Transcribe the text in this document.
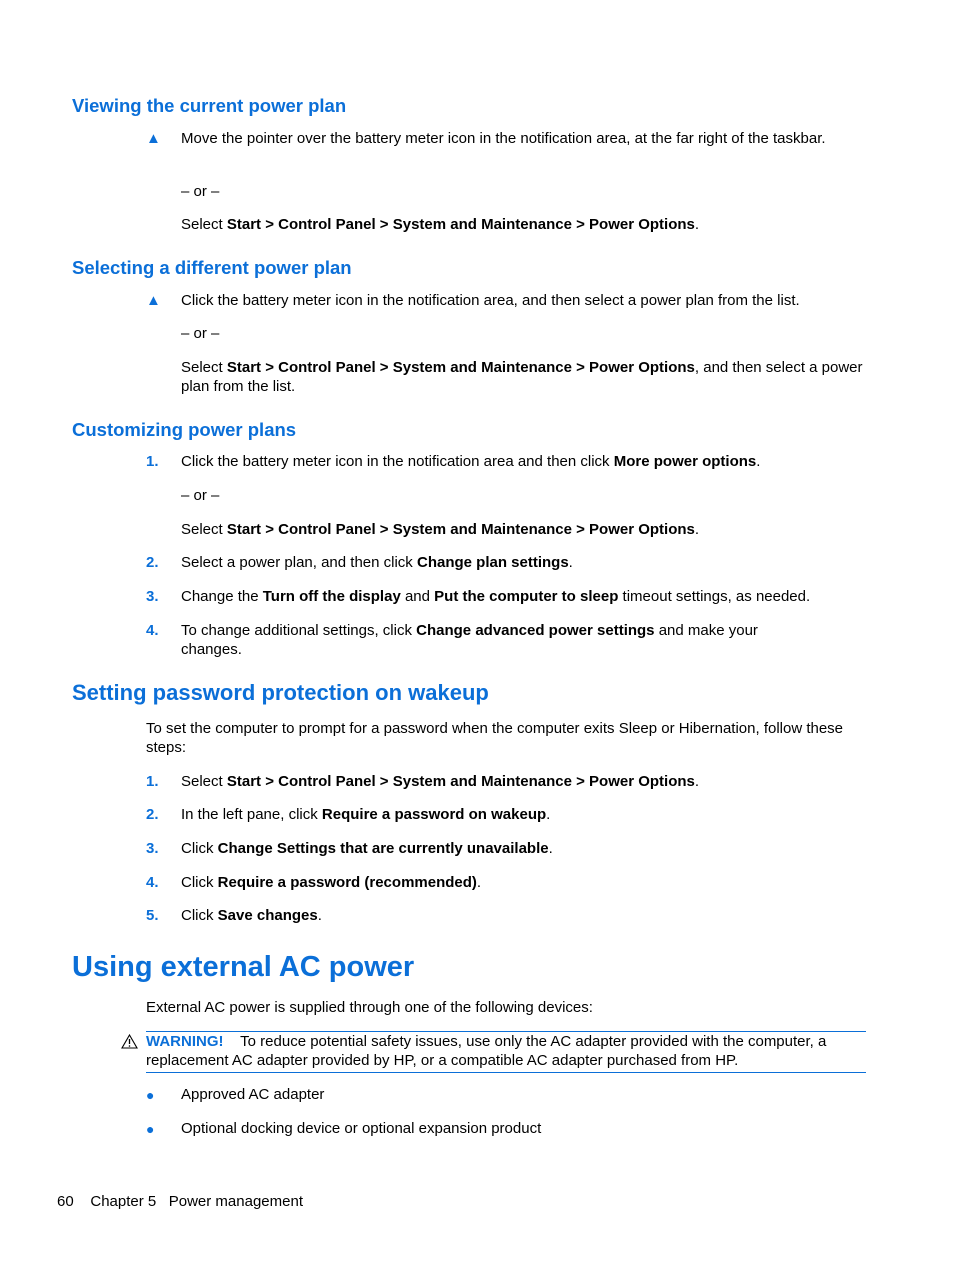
Viewing the current power plan
▲ Move the pointer over the battery meter icon in the notification area, at the far right of the taskbar.
– or –
Select Start > Control Panel > System and Maintenance > Power Options.
Selecting a different power plan
▲ Click the battery meter icon in the notification area, and then select a power plan from the list.
– or –
Select Start > Control Panel > System and Maintenance > Power Options, and then select a power plan from the list.
Customizing power plans
1. Click the battery meter icon in the notification area and then click More power options.
– or –
Select Start > Control Panel > System and Maintenance > Power Options.
2. Select a power plan, and then click Change plan settings.
3. Change the Turn off the display and Put the computer to sleep timeout settings, as needed.
4. To change additional settings, click Change advanced power settings and make your changes.
Setting password protection on wakeup
To set the computer to prompt for a password when the computer exits Sleep or Hibernation, follow these steps:
1. Select Start > Control Panel > System and Maintenance > Power Options.
2. In the left pane, click Require a password on wakeup.
3. Click Change Settings that are currently unavailable.
4. Click Require a password (recommended).
5. Click Save changes.
Using external AC power
External AC power is supplied through one of the following devices:
WARNING! To reduce potential safety issues, use only the AC adapter provided with the computer, a replacement AC adapter provided by HP, or a compatible AC adapter purchased from HP.
● Approved AC adapter
● Optional docking device or optional expansion product
60 Chapter 5 Power management
